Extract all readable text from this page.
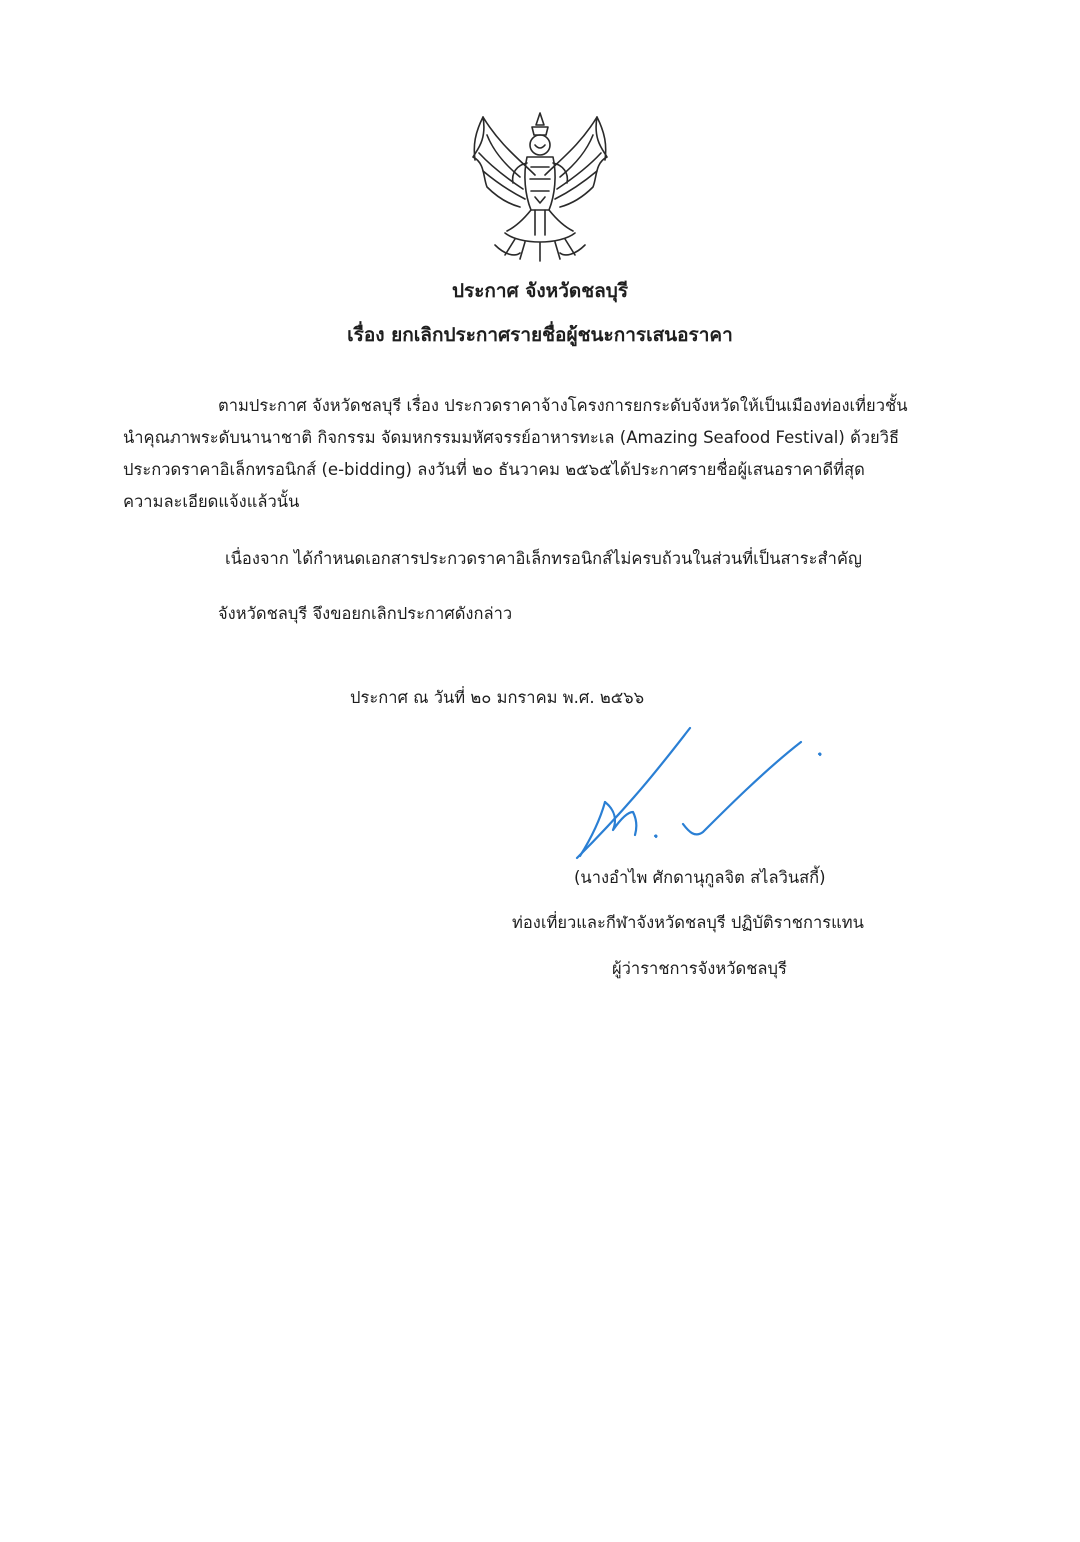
ประกาศ จังหวัดชลบุรี
เรื่อง ยกเลิกประกาศรายชื่อผู้ชนะการเสนอราคา
ตามประกาศ จังหวัดชลบุรี เรื่อง ประกวดราคาจ้างโครงการยกระดับจังหวัดให้เป็นเมืองท่องเที่ยวชั้น
นำคุณภาพระดับนานาชาติ กิจกรรม จัดมหกรรมมหัศจรรย์อาหารทะเล (Amazing Seafood Festival) ด้วยวิธี
ประกวดราคาอิเล็กทรอนิกส์ (e-bidding) ลงวันที่ ๒๐ ธันวาคม ๒๕๖๕ได้ประกาศรายชื่อผู้เสนอราคาดีที่สุด
ความละเอียดแจ้งแล้วนั้น
เนื่องจาก ได้กำหนดเอกสารประกวดราคาอิเล็กทรอนิกส์ไม่ครบถ้วนในส่วนที่เป็นสาระสำคัญ
จังหวัดชลบุรี จึงขอยกเลิกประกาศดังกล่าว
ประกาศ ณ วันที่ ๒๐ มกราคม พ.ศ. ๒๕๖๖
(นางอำไพ ศักดานุกูลจิต สไลวินสกี้)
ท่องเที่ยวและกีฬาจังหวัดชลบุรี ปฏิบัติราชการแทน
ผู้ว่าราชการจังหวัดชลบุรี
